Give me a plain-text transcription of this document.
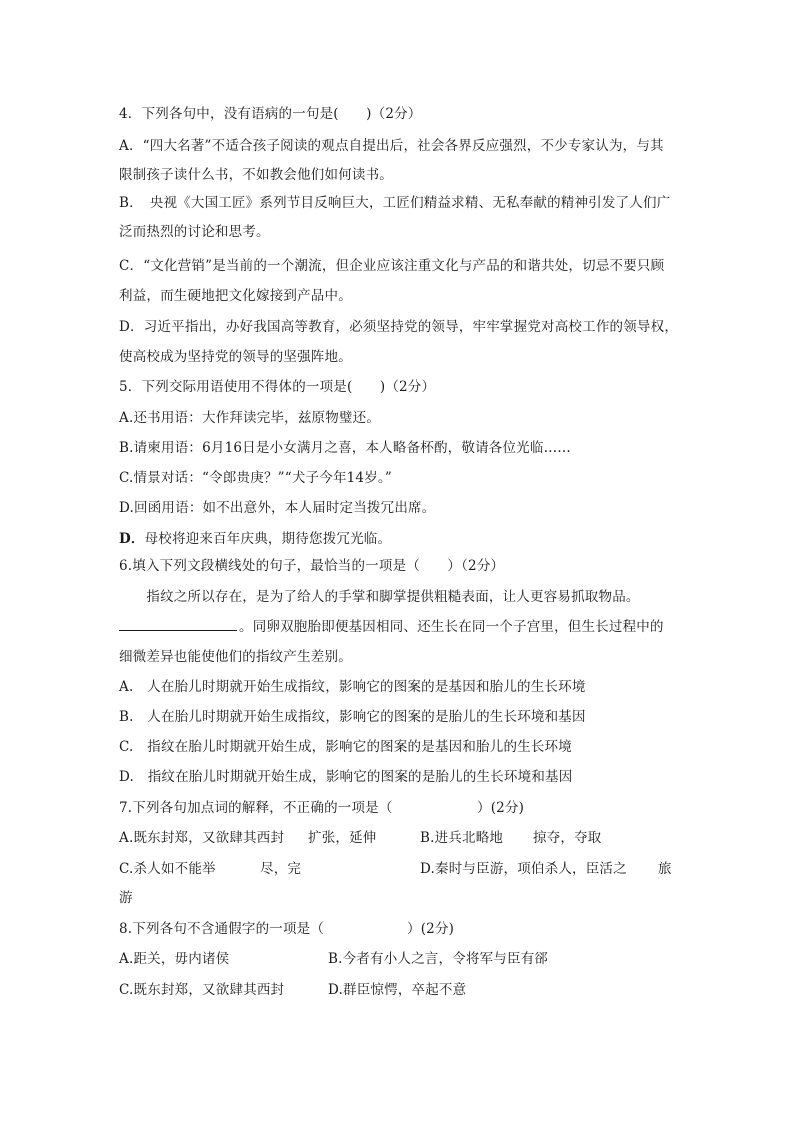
4．下列各句中，没有语病的一句是(　　)（2分）
A．“四大名著”不适合孩子阅读的观点自提出后，社会各界反应强烈，不少专家认为，与其
限制孩子读什么书，不如教会他们如何读书。
B．　央视《大国工匠》系列节目反响巨大，工匠们精益求精、无私奉献的精神引发了人们广
泛而热烈的讨论和思考。
C．“文化营销”是当前的一个潮流，但企业应该注重文化与产品的和谐共处，切忌不要只顾
利益，而生硬地把文化嫁接到产品中。
D．习近平指出，办好我国高等教育，必须坚持党的领导，牢牢掌握党对高校工作的领导权，
使高校成为坚持党的领导的坚强阵地。
5．下列交际用语使用不得体的一项是(　　)（2分）
A.还书用语：大作拜读完毕，兹原物璧还。
B.请柬用语：6月16日是小女满月之喜，本人略备杯酌，敬请各位光临……
C.情景对话：“令郎贵庚？”“犬子今年14岁。”
D.回函用语：如不出意外，本人届时定当拨冗出席。
D．母校将迎来百年庆典，期待您拨冗光临。
6.填入下列文段横线处的句子，最恰当的一项是（　　）（2分）
　　指纹之所以存在，是为了给人的手掌和脚掌提供粗糙表面，让人更容易抓取物品。
。同卵双胞胎即便基因相同、还生长在同一个子宫里，但生长过程中的
细微差异也能使他们的指纹产生差别。
A.　人在胎儿时期就开始生成指纹，影响它的图案的是基因和胎儿的生长环境
B.　人在胎儿时期就开始生成指纹，影响它的图案的是胎儿的生长环境和基因
C.　指纹在胎儿时期就开始生成，影响它的图案的是基因和胎儿的生长环境
D.　指纹在胎儿时期就开始生成，影响它的图案的是胎儿的生长环境和基因
7.下列各句加点词的解释，不正确的一项是（	）(2分)
A.既东封郑，又欲肆其西封 扩张，延伸	B.进兵北略地 掠夺，夺取
C.杀人如不能举	尽，完	D.秦时与臣游，项伯杀人，臣活之 旅
游
8.下列各句不含通假字的一项是（	）(2分)
A.距关，毋内诸侯	B.今者有小人之言，令将军与臣有郤
C.既东封郑，又欲肆其西封	D.群臣惊愕，卒起不意
